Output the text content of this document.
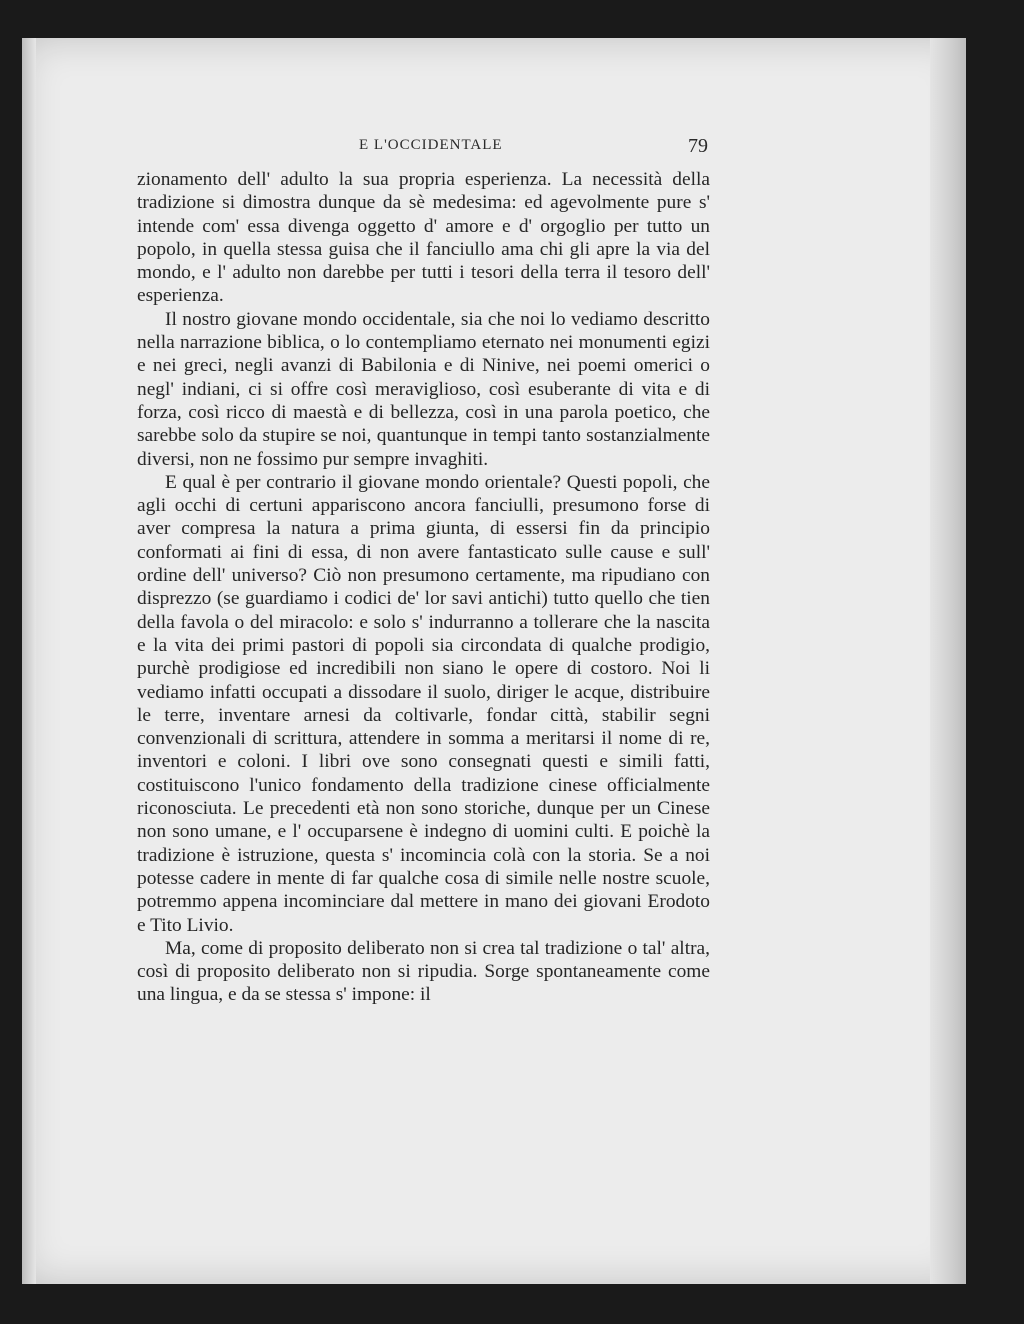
E L'OCCIDENTALE	79

zionamento dell' adulto la sua propria esperienza. La necessità della tradizione si dimostra dunque da sè medesima: ed agevolmente pure s' intende com' essa divenga oggetto d' amore e d' orgoglio per tutto un popolo, in quella stessa guisa che il fanciullo ama chi gli apre la via del mondo, e l' adulto non darebbe per tutti i tesori della terra il tesoro dell' esperienza.

Il nostro giovane mondo occidentale, sia che noi lo vediamo descritto nella narrazione biblica, o lo contempliamo eternato nei monumenti egizi e nei greci, negli avanzi di Babilonia e di Ninive, nei poemi omerici o negl' indiani, ci si offre così meraviglioso, così esuberante di vita e di forza, così ricco di maestà e di bellezza, così in una parola poetico, che sarebbe solo da stupire se noi, quantunque in tempi tanto sostanzialmente diversi, non ne fossimo pur sempre invaghiti.

E qual è per contrario il giovane mondo orientale? Questi popoli, che agli occhi di certuni appariscono ancora fanciulli, presumono forse di aver compresa la natura a prima giunta, di essersi fin da principio conformati ai fini di essa, di non avere fantasticato sulle cause e sull' ordine dell' universo? Ciò non presumono certamente, ma ripudiano con disprezzo (se guardiamo i codici de' lor savi antichi) tutto quello che tien della favola o del miracolo: e solo s' indurranno a tollerare che la nascita e la vita dei primi pastori di popoli sia circondata di qualche prodigio, purchè prodigiose ed incredibili non siano le opere di costoro. Noi li vediamo infatti occupati a dissodare il suolo, diriger le acque, distribuire le terre, inventare arnesi da coltivarle, fondar città, stabilir segni convenzionali di scrittura, attendere in somma a meritarsi il nome di re, inventori e coloni. I libri ove sono consegnati questi e simili fatti, costituiscono l'unico fondamento della tradizione cinese officialmente riconosciuta. Le precedenti età non sono storiche, dunque per un Cinese non sono umane, e l' occuparsene è indegno di uomini culti. E poichè la tradizione è istruzione, questa s' incomincia colà con la storia. Se a noi potesse cadere in mente di far qualche cosa di simile nelle nostre scuole, potremmo appena incominciare dal mettere in mano dei giovani Erodoto e Tito Livio.

Ma, come di proposito deliberato non si crea tal tradizione o tal' altra, così di proposito deliberato non si ripudia. Sorge spontaneamente come una lingua, e da se stessa s' impone: il
